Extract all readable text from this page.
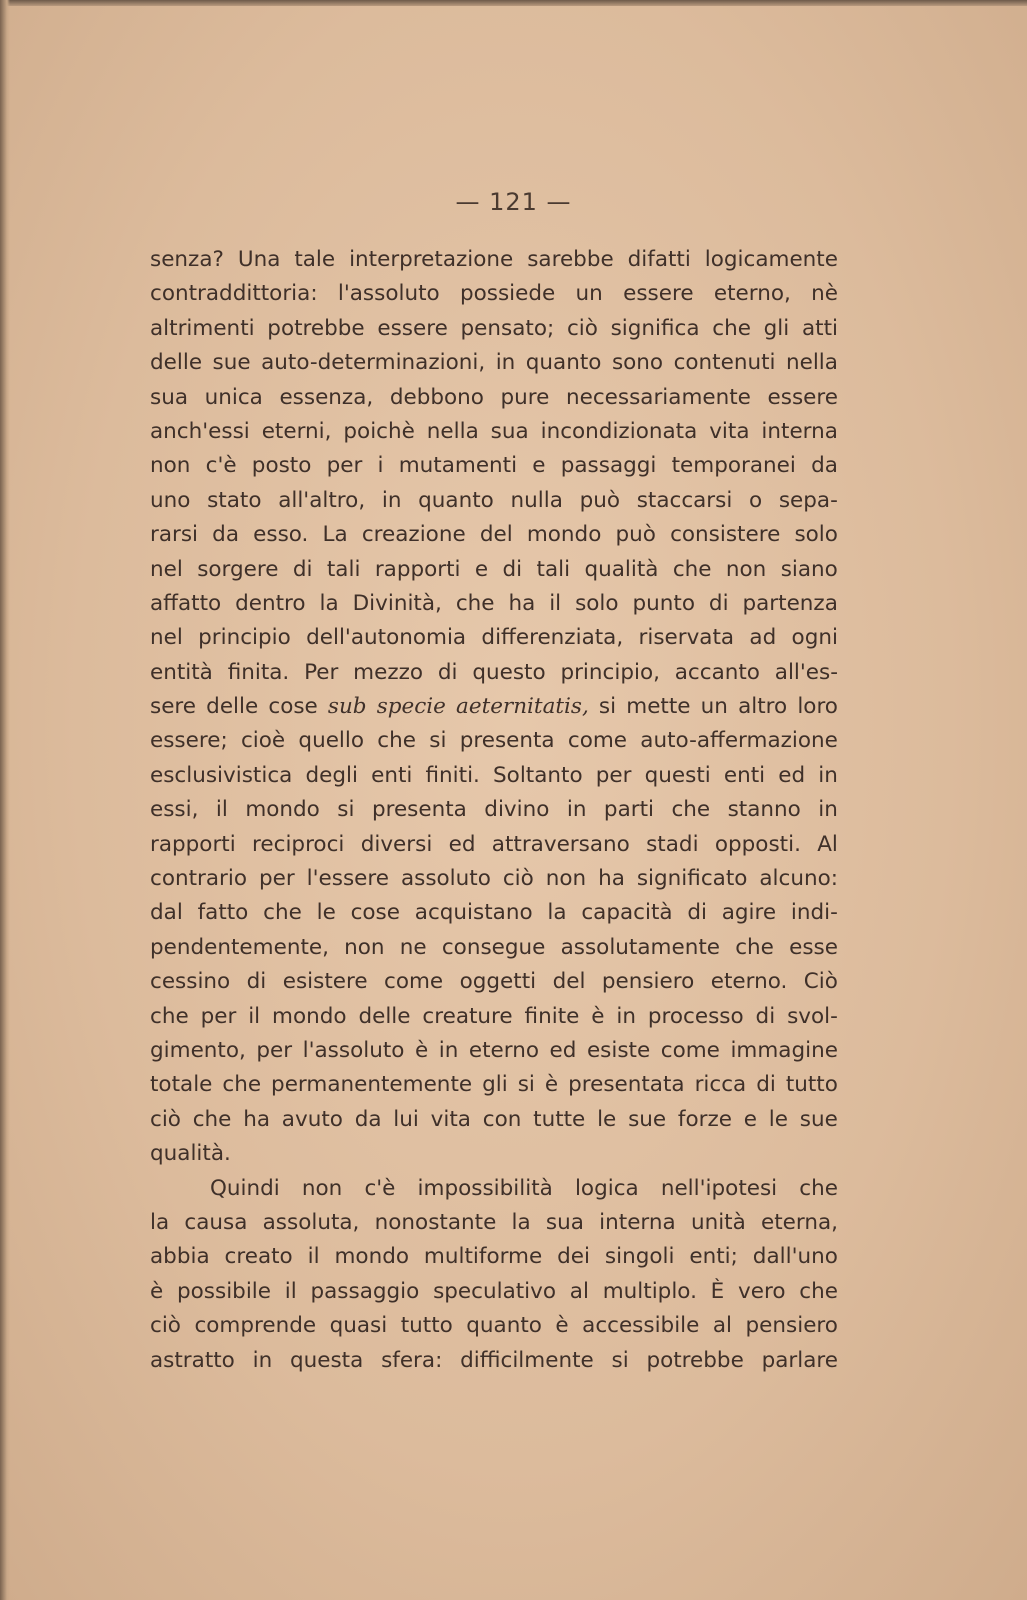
— 121 —
senza? Una tale interpretazione sarebbe difatti logicamente
contraddittoria: l'assoluto possiede un essere eterno, nè
altrimenti potrebbe essere pensato; ciò significa che gli atti
delle sue auto-determinazioni, in quanto sono contenuti nella
sua unica essenza, debbono pure necessariamente essere
anch'essi eterni, poichè nella sua incondizionata vita interna
non c'è posto per i mutamenti e passaggi temporanei da
uno stato all'altro, in quanto nulla può staccarsi o sepa-
rarsi da esso. La creazione del mondo può consistere solo
nel sorgere di tali rapporti e di tali qualità che non siano
affatto dentro la Divinità, che ha il solo punto di partenza
nel principio dell'autonomia differenziata, riservata ad ogni
entità finita. Per mezzo di questo principio, accanto all'es-
sere delle cose sub specie aeternitatis, si mette un altro loro
essere; cioè quello che si presenta come auto-affermazione
esclusivistica degli enti finiti. Soltanto per questi enti ed in
essi, il mondo si presenta divino in parti che stanno in
rapporti reciproci diversi ed attraversano stadi opposti. Al
contrario per l'essere assoluto ciò non ha significato alcuno:
dal fatto che le cose acquistano la capacità di agire indi-
pendentemente, non ne consegue assolutamente che esse
cessino di esistere come oggetti del pensiero eterno. Ciò
che per il mondo delle creature finite è in processo di svol-
gimento, per l'assoluto è in eterno ed esiste come immagine
totale che permanentemente gli si è presentata ricca di tutto
ciò che ha avuto da lui vita con tutte le sue forze e le sue
qualità.
Quindi non c'è impossibilità logica nell'ipotesi che
la causa assoluta, nonostante la sua interna unità eterna,
abbia creato il mondo multiforme dei singoli enti; dall'uno
è possibile il passaggio speculativo al multiplo. È vero che
ciò comprende quasi tutto quanto è accessibile al pensiero
astratto in questa sfera: difficilmente si potrebbe parlare
